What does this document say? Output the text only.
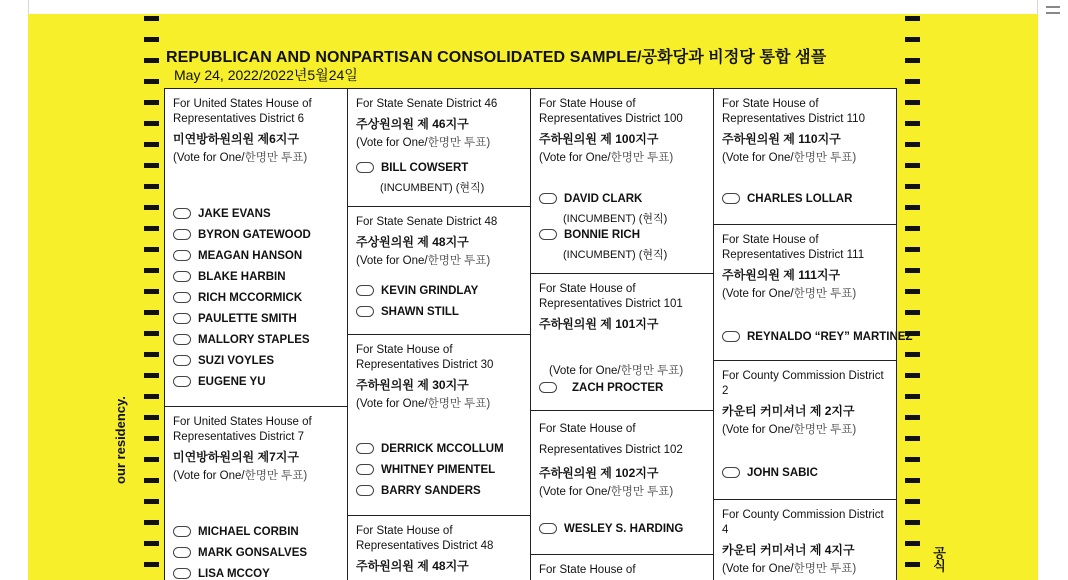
REPUBLICAN AND NONPARTISAN CONSOLIDATED SAMPLE/공화당과 비정당 통합 샘플
May 24, 2022/2022년5월24일
our residency.
공식
For United States House of Representatives District 6
미연방하원의원 제6지구
(Vote for One/한명만 투표)
JAKE EVANS
BYRON GATEWOOD
MEAGAN HANSON
BLAKE HARBIN
RICH MCCORMICK
PAULETTE SMITH
MALLORY STAPLES
SUZI VOYLES
EUGENE YU
For United States House of Representatives District 7
미연방하원의원 제7지구
(Vote for One/한명만 투표)
MICHAEL CORBIN
MARK GONSALVES
LISA MCCOY
For State Senate District 46
주상원의원 제 46지구
(Vote for One/한명만 투표)
BILL COWSERT
(INCUMBENT) (현직)
For State Senate District 48
주상원의원 제 48지구
(Vote for One/한명만 투표)
KEVIN GRINDLAY
SHAWN STILL
For State House of Representatives District 30
주하원의원 제 30지구
(Vote for One/한명만 투표)
DERRICK MCCOLLUM
WHITNEY PIMENTEL
BARRY SANDERS
For State House of Representatives District 48
주하원의원 제 48지구
For State House of Representatives District 100
주하원의원 제 100지구
(Vote for One/한명만 투표)
DAVID CLARK
(INCUMBENT) (현직)
BONNIE RICH
(INCUMBENT) (현직)
For State House of Representatives District 101
주하원의원 제 101지구
(Vote for One/한명만 투표)
ZACH PROCTER
For State House of Representatives District 102
주하원의원 제 102지구
(Vote for One/한명만 투표)
WESLEY S. HARDING
For State House of
For State House of Representatives District 110
주하원의원 제 110지구
(Vote for One/한명만 투표)
CHARLES LOLLAR
For State House of Representatives District 111
주하원의원 제 111지구
(Vote for One/한명만 투표)
REYNALDO “REY” MARTINEZ
For County Commission District 2
카운티 커미셔너 제 2지구
(Vote for One/한명만 투표)
JOHN SABIC
For County Commission District 4
카운티 커미셔너 제 4지구
(Vote for One/한명만 투표)
